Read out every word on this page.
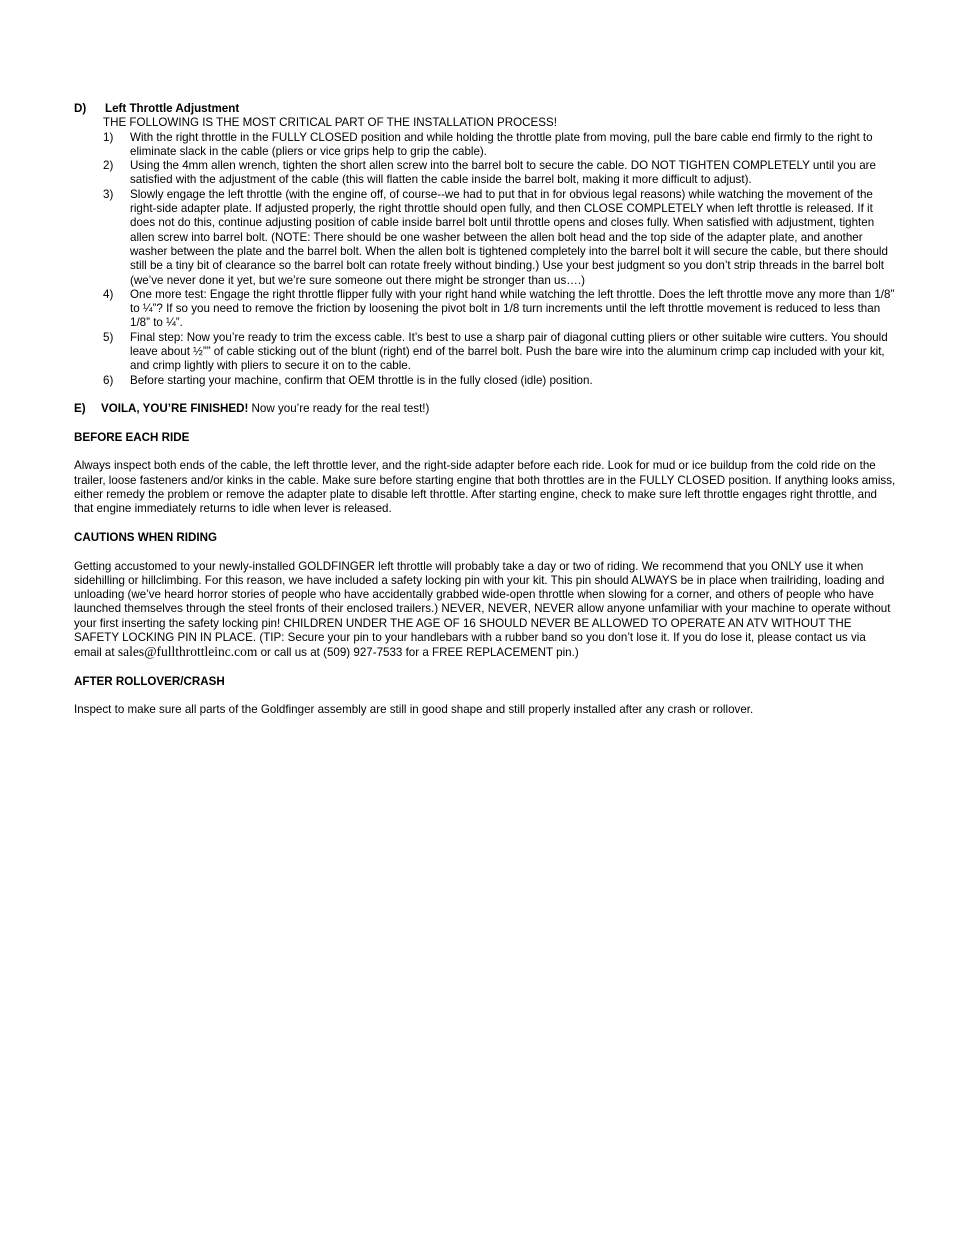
D)	Left Throttle Adjustment
THE FOLLOWING IS THE MOST CRITICAL PART OF THE INSTALLATION PROCESS!
1)	With the right throttle in the FULLY CLOSED position and while holding the throttle plate from moving, pull the bare cable end firmly to the right to eliminate slack in the cable (pliers or vice grips help to grip the cable).
2)	Using the 4mm allen wrench, tighten the short allen screw into the barrel bolt to secure the cable. DO NOT TIGHTEN COMPLETELY until you are satisfied with the adjustment of the cable (this will flatten the cable inside the barrel bolt, making it more difficult to adjust).
3)	Slowly engage the left throttle (with the engine off, of course--we had to put that in for obvious legal reasons) while watching the movement of the right-side adapter plate. If adjusted properly, the right throttle should open fully, and then CLOSE COMPLETELY when left throttle is released. If it does not do this, continue adjusting position of cable inside barrel bolt until throttle opens and closes fully. When satisfied with adjustment, tighten allen screw into barrel bolt. (NOTE: There should be one washer between the allen bolt head and the top side of the adapter plate, and another washer between the plate and the barrel bolt. When the allen bolt is tightened completely into the barrel bolt it will secure the cable, but there should still be a tiny bit of clearance so the barrel bolt can rotate freely without binding.) Use your best judgment so you don’t strip threads in the barrel bolt (we’ve never done it yet, but we’re sure someone out there might be stronger than us….)
4)	One more test: Engage the right throttle flipper fully with your right hand while watching the left throttle. Does the left throttle move any more than 1/8” to ¼”? If so you need to remove the friction by loosening the pivot bolt in 1/8 turn increments until the left throttle movement is reduced to less than 1/8” to ¼”.
5)	Final step: Now you’re ready to trim the excess cable. It’s best to use a sharp pair of diagonal cutting pliers or other suitable wire cutters. You should leave about ½”” of cable sticking out of the blunt (right) end of the barrel bolt. Push the bare wire into the aluminum crimp cap included with your kit, and crimp lightly with pliers to secure it on to the cable.
6)	Before starting your machine, confirm that OEM throttle is in the fully closed (idle) position.
E)	VOILA, YOU’RE FINISHED! Now you’re ready for the real test!)
BEFORE EACH RIDE
Always inspect both ends of the cable, the left throttle lever, and the right-side adapter before each ride. Look for mud or ice buildup from the cold ride on the trailer, loose fasteners and/or kinks in the cable. Make sure before starting engine that both throttles are in the FULLY CLOSED position. If anything looks amiss, either remedy the problem or remove the adapter plate to disable left throttle. After starting engine, check to make sure left throttle engages right throttle, and that engine immediately returns to idle when lever is released.
CAUTIONS WHEN RIDING
Getting accustomed to your newly-installed GOLDFINGER left throttle will probably take a day or two of riding. We recommend that you ONLY use it when sidehilling or hillclimbing. For this reason, we have included a safety locking pin with your kit. This pin should ALWAYS be in place when trailriding, loading and unloading (we’ve heard horror stories of people who have accidentally grabbed wide-open throttle when slowing for a corner, and others of people who have launched themselves through the steel fronts of their enclosed trailers.) NEVER, NEVER, NEVER allow anyone unfamiliar with your machine to operate without your first inserting the safety locking pin! CHILDREN UNDER THE AGE OF 16 SHOULD NEVER BE ALLOWED TO OPERATE AN ATV WITHOUT THE SAFETY LOCKING PIN IN PLACE. (TIP: Secure your pin to your handlebars with a rubber band so you don’t lose it. If you do lose it, please contact us via email at sales@fullthrottleinc.com or call us at (509) 927-7533 for a FREE REPLACEMENT pin.)
AFTER ROLLOVER/CRASH
Inspect to make sure all parts of the Goldfinger assembly are still in good shape and still properly installed after any crash or rollover.
